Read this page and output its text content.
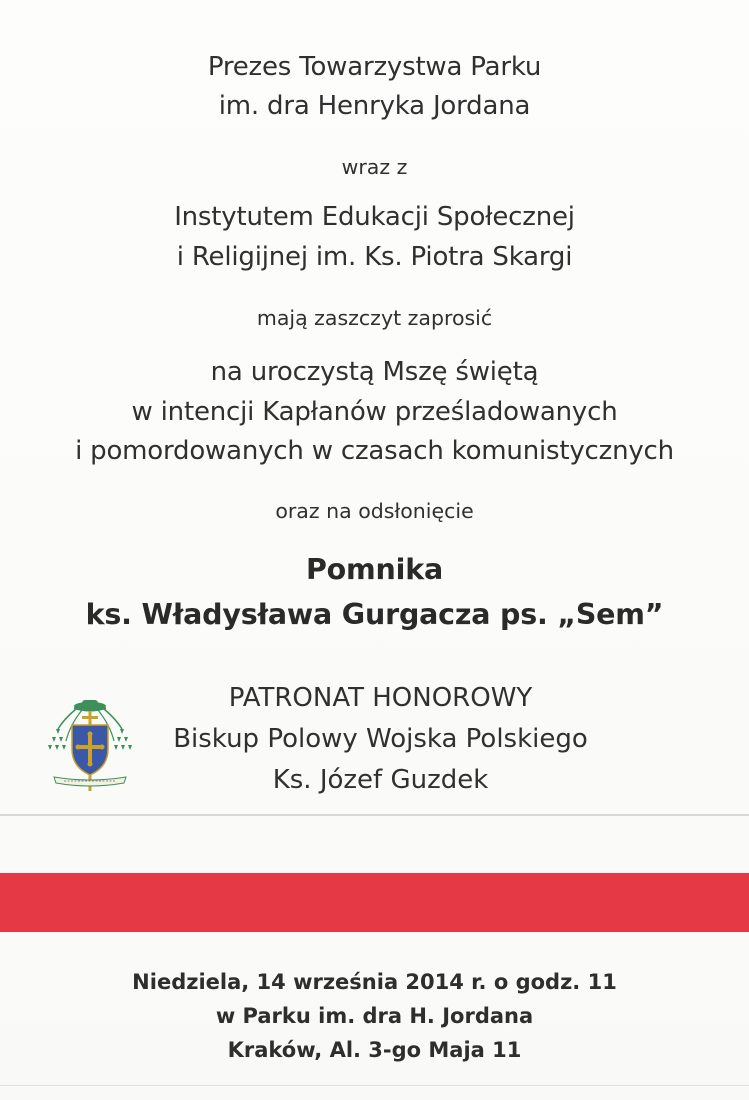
Prezes Towarzystwa Parku
im. dra Henryka Jordana
wraz z
Instytutem Edukacji Społecznej
i Religijnej im. Ks. Piotra Skargi
mają zaszczyt zaprosić
na uroczystą Mszę świętą
w intencji Kapłanów prześladowanych
i pomordowanych w czasach komunistycznych
oraz na odsłonięcie
Pomnika
ks. Władysława Gurgacza ps. „Sem”
PATRONAT HONOROWY
Biskup Polowy Wojska Polskiego
Ks. Józef Guzdek
Niedziela, 14 września 2014 r. o godz. 11
w Parku im. dra H. Jordana
Kraków, Al. 3-go Maja 11
